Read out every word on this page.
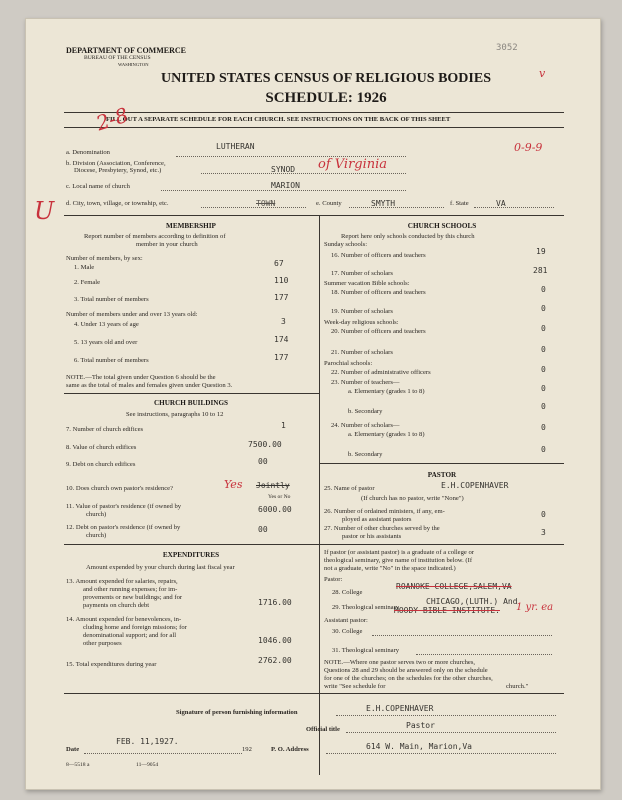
DEPARTMENT OF COMMERCE
BUREAU OF THE CENSUS
WASHINGTON
3052
UNITED STATES CENSUS OF RELIGIOUS BODIES
SCHEDULE: 1926
FILL OUT A SEPARATE SCHEDULE FOR EACH CHURCH. SEE INSTRUCTIONS ON THE BACK OF THIS SHEET
2-8
0-9-9
U
v
a. Denomination
LUTHERAN
b. Division (Association, Conference,
Diocese, Presbytery, Synod, etc.)	SYNOD of Virginia
c. Local name of church	MARION
d. City, town, village, or township, etc.	TOWN	e. County	SMYTH	f. State	VA
MEMBERSHIP
Report number of members according to definition of
member in your church
Number of members, by sex:
1. Male	67
2. Female	110
3. Total number of members	177
Number of members under and over 13 years old:
4. Under 13 years of age	3
5. 13 years old and over	174
6. Total number of members	177
NOTE.—The total given under Question 6 should be the
same as the total of males and females given under Question 3.
CHURCH BUILDINGS
See instructions, paragraphs 10 to 12
7. Number of church edifices	1
8. Value of church edifices	7500.00
9. Debt on church edifices	00
10. Does church own pastor's residence?	Yes Jointly
Yes or No
11. Value of pastor's residence (if owned by
church)
6000.00
12. Debt on pastor's residence (if owned by
church)
00
EXPENDITURES
Amount expended by your church during last fiscal year
13. Amount expended for salaries, repairs,
and other running expenses; for im-
provements or new buildings; and for
payments on church debt	1716.00
14. Amount expended for benevolences, in-
cluding home and foreign missions; for
denominational support; and for all
other purposes	1046.00
15. Total expenditures during year	2762.00
CHURCH SCHOOLS
Report here only schools conducted by this church
Sunday schools:
16. Number of officers and teachers	19
17. Number of scholars	281
Summer vacation Bible schools:
18. Number of officers and teachers	0
19. Number of scholars	0
Week-day religious schools:
20. Number of officers and teachers	0
21. Number of scholars	0
Parochial schools:
22. Number of administrative officers	0
23. Number of teachers—
a. Elementary (grades 1 to 8)	0
b. Secondary
0
24. Number of scholars—
a. Elementary (grades 1 to 8)
0
b. Secondary
0
PASTOR
25. Name of pastor	E.H.COPENHAVER
(If church has no pastor, write "None")
26. Number of ordained ministers, if any, em-
ployed as assistant pastors
0
27. Number of other churches served by the
pastor or his assistants	3
If pastor (or assistant pastor) is a graduate of a college or
theological seminary, give name of institution below. (If
not a graduate, write "No" in the space indicated.)
Pastor:
28. College
ROANOKE COLLEGE,SALEM,VA
29. Theological seminary
CHICAGO,(LUTH.) And
MOODY BIBLE INSTITUTE. 1 yr. ea
Assistant pastor:
30. College
31. Theological seminary
NOTE.—Where one pastor serves two or more churches,
Questions 28 and 29 should be answered only on the schedule
for one of the churches; on the schedules for the other churches,
write "See schedule for	church."
Signature of person furnishing information	E.H.COPENHAVER
Official title	Pastor
Date
FEB. 11,1927.
192	P. O. Address	614 W. Main, Marion,Va
8—5518 a	11—9054
